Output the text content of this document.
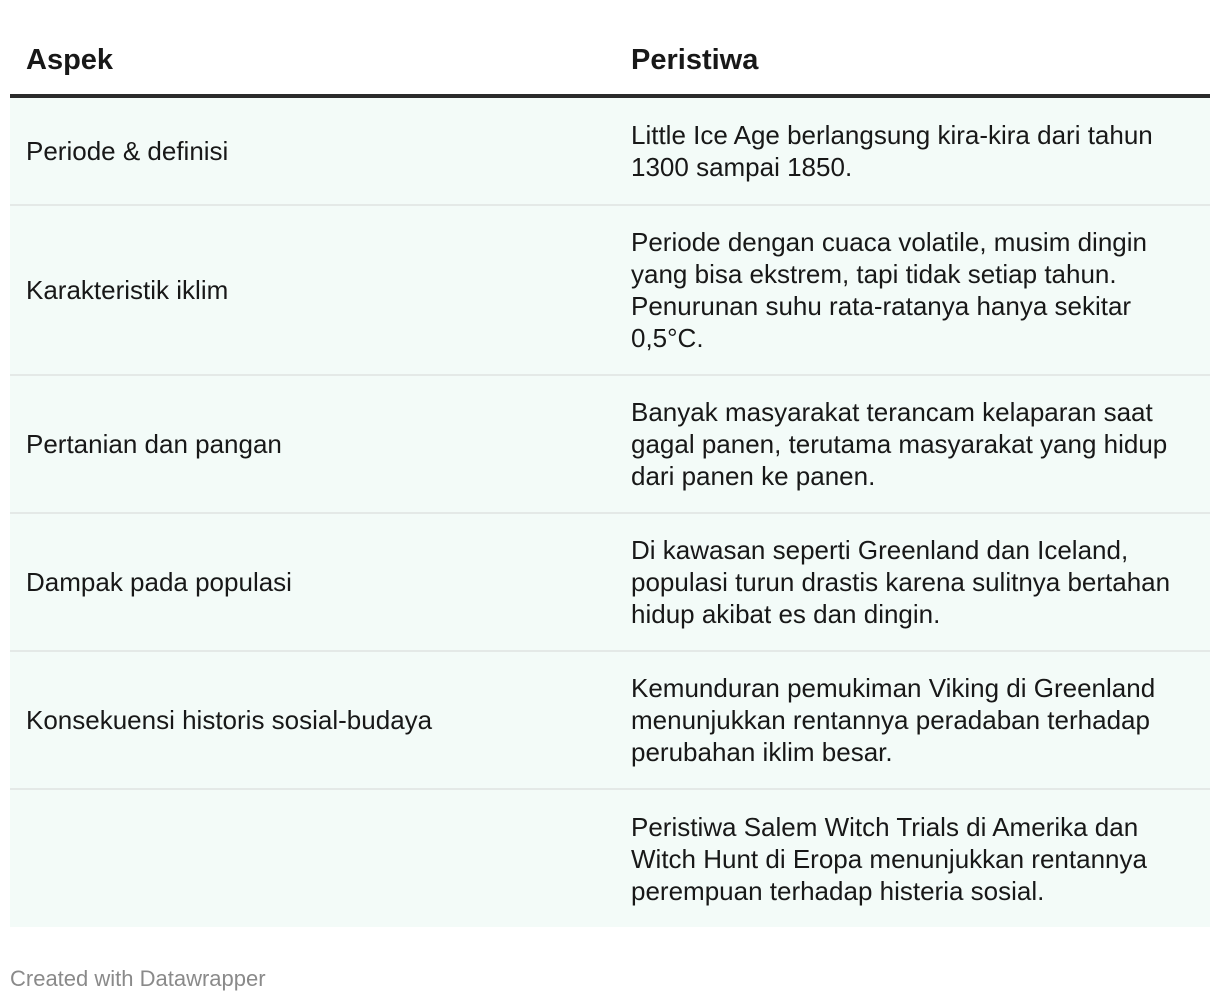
Aspek	Peristiwa
Periode & definisi
Little Ice Age berlangsung kira-kira dari tahun 1300 sampai 1850.
Karakteristik iklim
Periode dengan cuaca volatile, musim dingin yang bisa ekstrem, tapi tidak setiap tahun. Penurunan suhu rata-ratanya hanya sekitar 0,5°C.
Pertanian dan pangan
Banyak masyarakat terancam kelaparan saat gagal panen, terutama masyarakat yang hidup dari panen ke panen.
Dampak pada populasi
Di kawasan seperti Greenland dan Iceland, populasi turun drastis karena sulitnya bertahan hidup akibat es dan dingin.
Konsekuensi historis sosial-budaya
Kemunduran pemukiman Viking di Greenland menunjukkan rentannya peradaban terhadap perubahan iklim besar.
Peristiwa Salem Witch Trials di Amerika dan Witch Hunt di Eropa menunjukkan rentannya perempuan terhadap histeria sosial.
Created with Datawrapper
